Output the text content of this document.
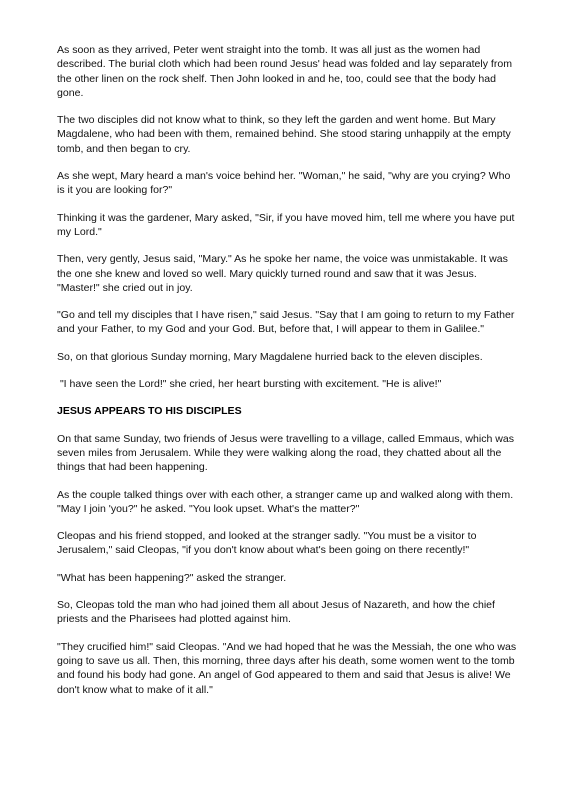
As soon as they arrived, Peter went straight into the tomb. It was all just as the women had described. The burial cloth which had been round Jesus' head was folded and lay separately from the other linen on the rock shelf. Then John looked in and he, too, could see that the body had gone.

The two disciples did not know what to think, so they left the garden and went home. But Mary Magdalene, who had been with them, remained behind. She stood staring unhappily at the empty tomb, and then began to cry.

As she wept, Mary heard a man's voice behind her. "Woman," he said, "why are you crying? Who is it you are looking for?"

Thinking it was the gardener, Mary asked, "Sir, if you have moved him, tell me where you have put my Lord."

Then, very gently, Jesus said, "Mary." As he spoke her name, the voice was unmistakable. It was the one she knew and loved so well. Mary quickly turned round and saw that it was Jesus. "Master!" she cried out in joy.

"Go and tell my disciples that I have risen," said Jesus. "Say that I am going to return to my Father and your Father, to my God and your God. But, before that, I will appear to them in Galilee."

So, on that glorious Sunday morning, Mary Magdalene hurried back to the eleven disciples.

"I have seen the Lord!" she cried, her heart bursting with excitement. "He is alive!"

JESUS APPEARS TO HIS DISCIPLES

On that same Sunday, two friends of Jesus were travelling to a village, called Emmaus, which was seven miles from Jerusalem. While they were walking along the road, they chatted about all the things that had been happening.

As the couple talked things over with each other, a stranger came up and walked along with them. "May I join 'you?" he asked. "You look upset. What's the matter?"

Cleopas and his friend stopped, and looked at the stranger sadly. "You must be a visitor to Jerusalem," said Cleopas, "if you don't know about what's been going on there recently!"

"What has been happening?" asked the stranger.

So, Cleopas told the man who had joined them all about Jesus of Nazareth, and how the chief priests and the Pharisees had plotted against him.

"They crucified him!" said Cleopas. "And we had hoped that he was the Messiah, the one who was going to save us all. Then, this morning, three days after his death, some women went to the tomb and found his body had gone. An angel of God appeared to them and said that Jesus is alive! We don't know what to make of it all."
